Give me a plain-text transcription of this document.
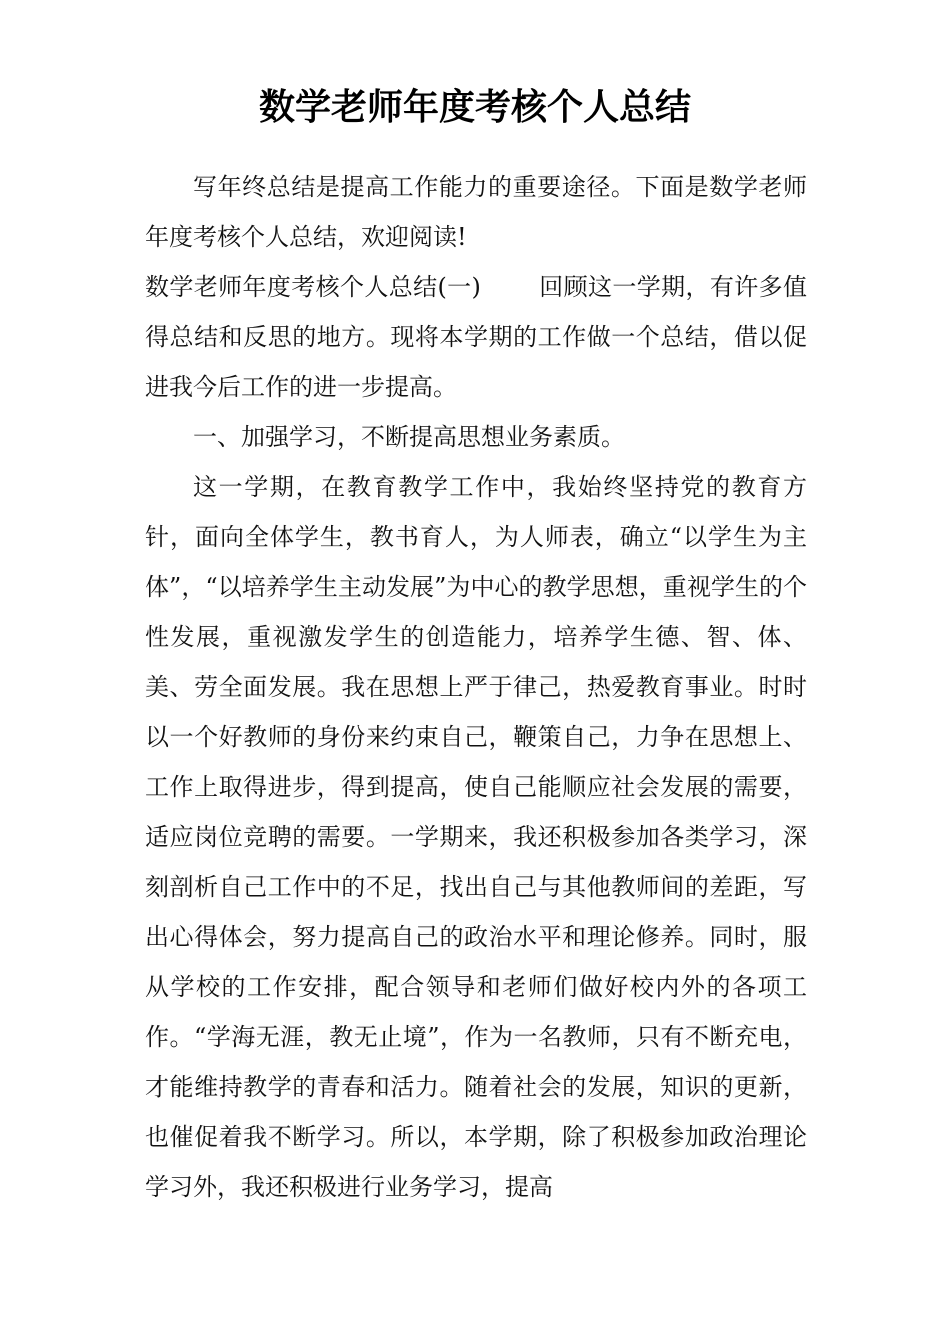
数学老师年度考核个人总结

写年终总结是提高工作能力的重要途径。下面是数学老师年度考核个人总结，欢迎阅读!

数学老师年度考核个人总结(一) 回顾这一学期，有许多值得总结和反思的地方。现将本学期的工作做一个总结，借以促进我今后工作的进一步提高。

一、加强学习，不断提高思想业务素质。

这一学期，在教育教学工作中，我始终坚持党的教育方针，面向全体学生，教书育人，为人师表，确立“以学生为主体”，“以培养学生主动发展”为中心的教学思想，重视学生的个性发展，重视激发学生的创造能力，培养学生德、智、体、美、劳全面发展。我在思想上严于律己，热爱教育事业。时时以一个好教师的身份来约束自己，鞭策自己，力争在思想上、工作上取得进步，得到提高，使自己能顺应社会发展的需要，适应岗位竞聘的需要。一学期来，我还积极参加各类学习，深刻剖析自己工作中的不足，找出自己与其他教师间的差距，写出心得体会，努力提高自己的政治水平和理论修养。同时，服从学校的工作安排，配合领导和老师们做好校内外的各项工作。“学海无涯，教无止境”，作为一名教师，只有不断充电，才能维持教学的青春和活力。随着社会的发展，知识的更新，也催促着我不断学习。所以，本学期，除了积极参加政治理论学习外，我还积极进行业务学习，提高
